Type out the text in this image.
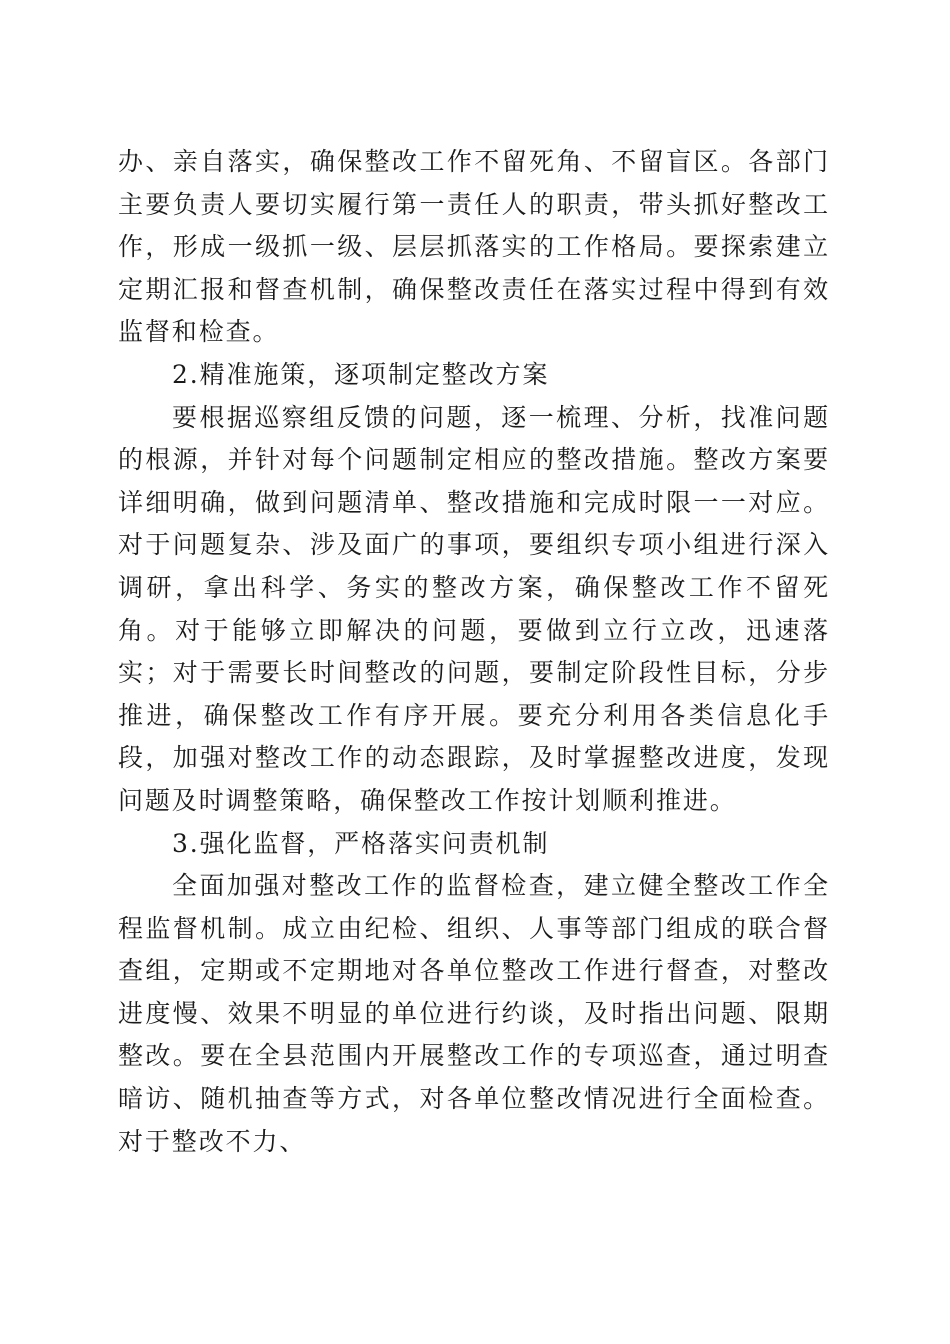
办、亲自落实，确保整改工作不留死角、不留盲区。各部门主要负责人要切实履行第一责任人的职责，带头抓好整改工作，形成一级抓一级、层层抓落实的工作格局。要探索建立定期汇报和督查机制，确保整改责任在落实过程中得到有效监督和检查。

2.精准施策，逐项制定整改方案

要根据巡察组反馈的问题，逐一梳理、分析，找准问题的根源，并针对每个问题制定相应的整改措施。整改方案要详细明确，做到问题清单、整改措施和完成时限一一对应。对于问题复杂、涉及面广的事项，要组织专项小组进行深入调研，拿出科学、务实的整改方案，确保整改工作不留死角。对于能够立即解决的问题，要做到立行立改，迅速落实；对于需要长时间整改的问题，要制定阶段性目标，分步推进，确保整改工作有序开展。要充分利用各类信息化手段，加强对整改工作的动态跟踪，及时掌握整改进度，发现问题及时调整策略，确保整改工作按计划顺利推进。

3.强化监督，严格落实问责机制

全面加强对整改工作的监督检查，建立健全整改工作全程监督机制。成立由纪检、组织、人事等部门组成的联合督查组，定期或不定期地对各单位整改工作进行督查，对整改进度慢、效果不明显的单位进行约谈，及时指出问题、限期整改。要在全县范围内开展整改工作的专项巡查，通过明查暗访、随机抽查等方式，对各单位整改情况进行全面检查。对于整改不力、
